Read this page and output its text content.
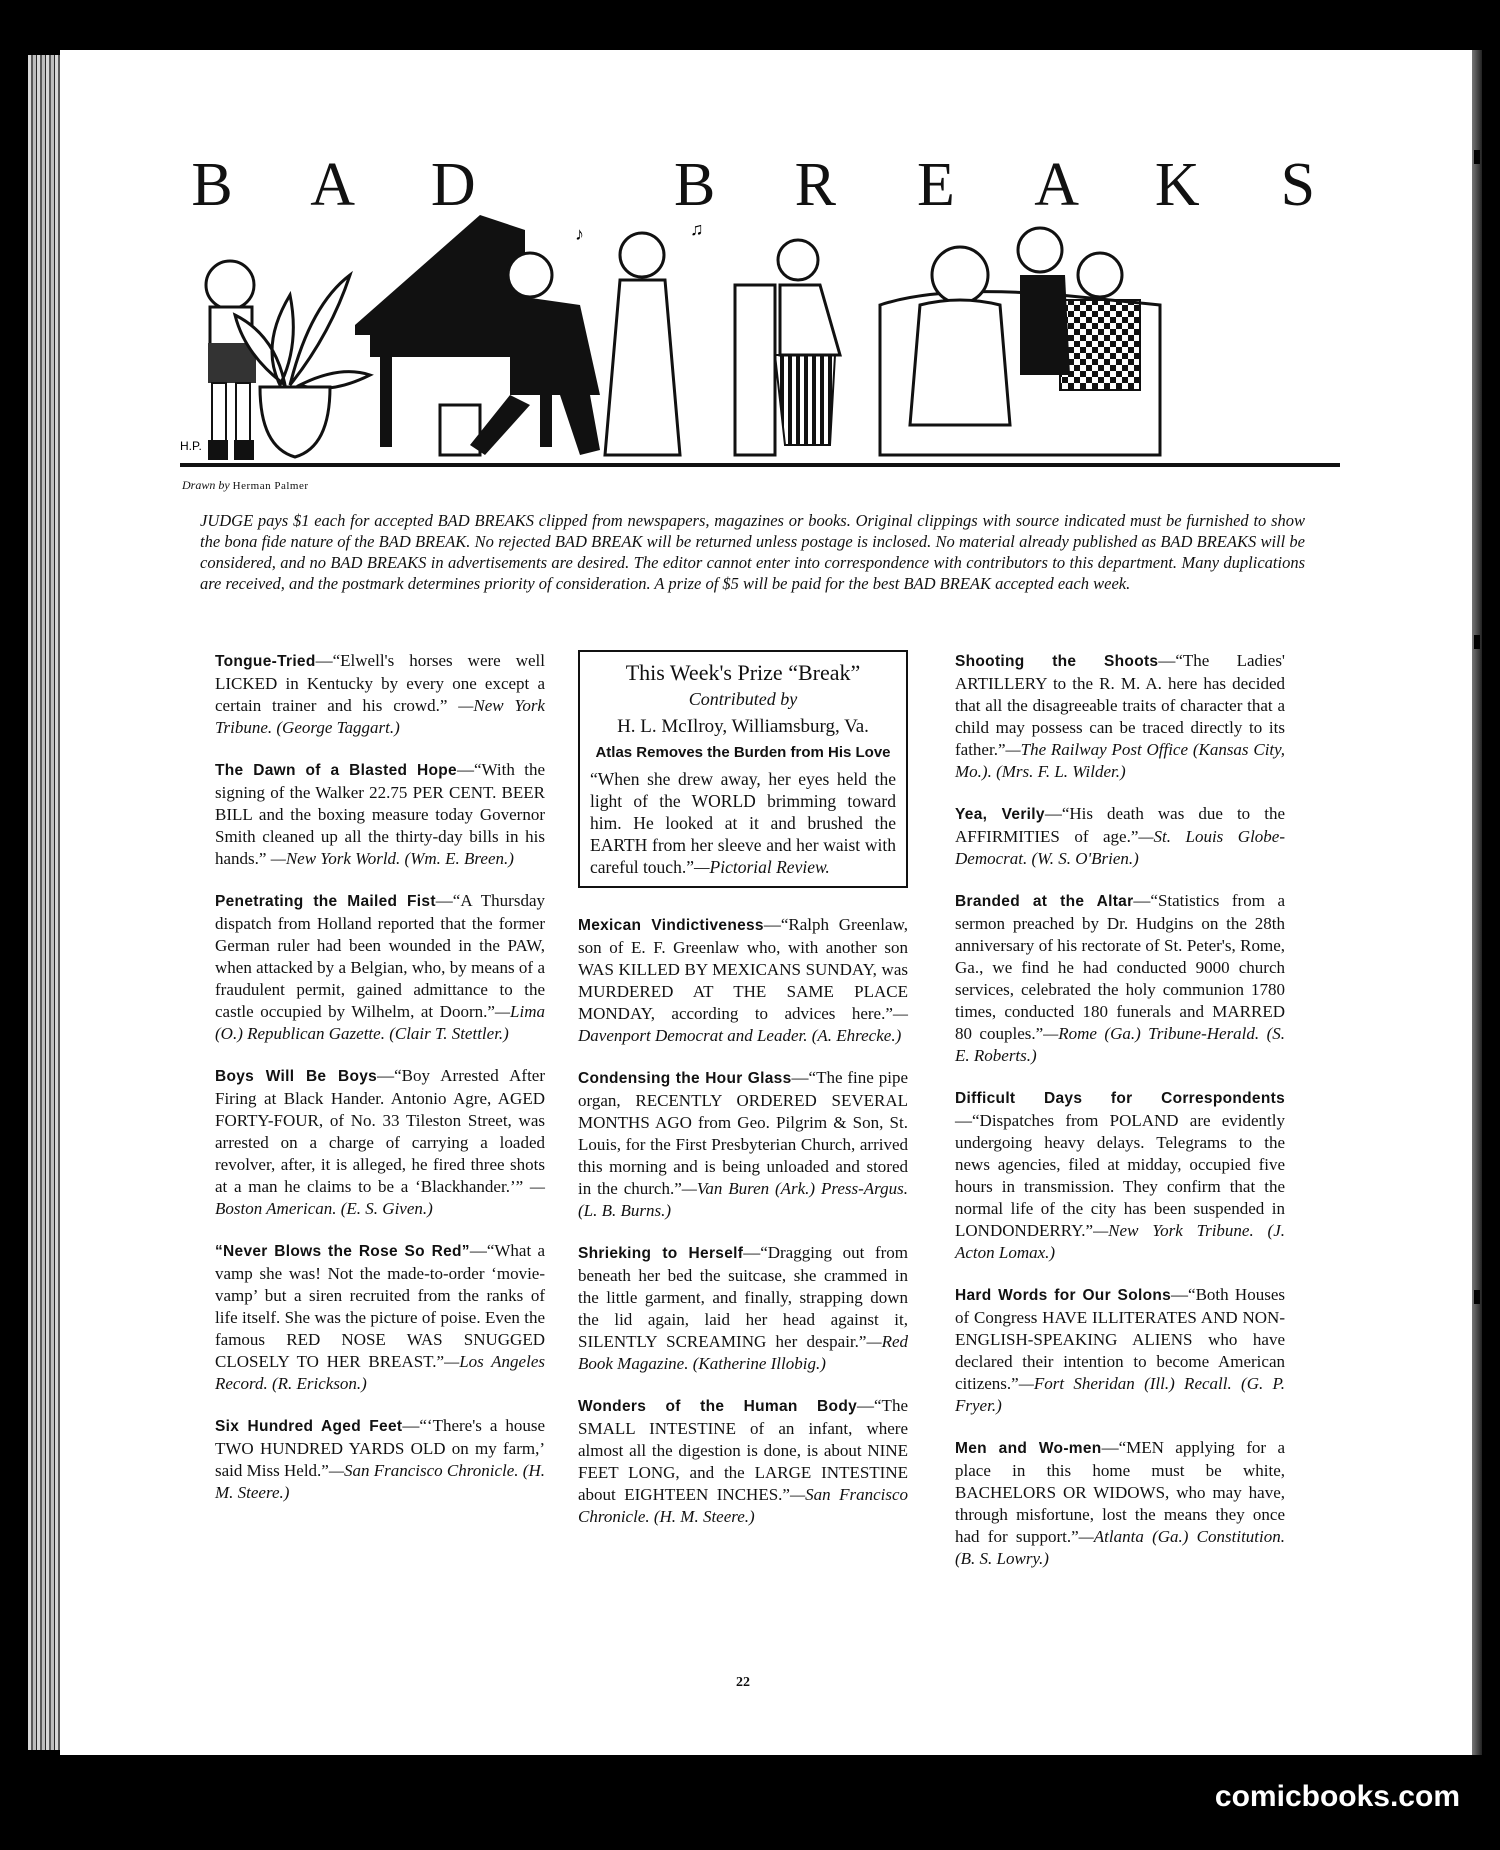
B A D	B R E A K S
♪	♫
H.P.
Drawn by Herman Palmer
JUDGE pays $1 each for accepted BAD BREAKS clipped from newspapers, magazines or books. Original clippings with source indicated must be furnished to show the bona fide nature of the BAD BREAK. No rejected BAD BREAK will be returned unless postage is inclosed. No material already published as BAD BREAKS will be considered, and no BAD BREAKS in advertisements are desired. The editor cannot enter into correspondence with contributors to this department. Many duplications are received, and the postmark determines priority of consideration. A prize of $5 will be paid for the best BAD BREAK accepted each week.

Tongue-Tried—“Elwell's horses were well LICKED in Kentucky by every one except a certain trainer and his crowd.” —New York Tribune. (George Taggart.)

The Dawn of a Blasted Hope—“With the signing of the Walker 22.75 PER CENT. BEER BILL and the boxing measure today Governor Smith cleaned up all the thirty-day bills in his hands.” —New York World. (Wm. E. Breen.)

Penetrating the Mailed Fist—“A Thursday dispatch from Holland reported that the former German ruler had been wounded in the PAW, when attacked by a Belgian, who, by means of a fraudulent permit, gained admittance to the castle occupied by Wilhelm, at Doorn.”—Lima (O.) Republican Gazette. (Clair T. Stettler.)

Boys Will Be Boys—“Boy Arrested After Firing at Black Hander. Antonio Agre, AGED FORTY-FOUR, of No. 33 Tileston Street, was arrested on a charge of carrying a loaded revolver, after, it is alleged, he fired three shots at a man he claims to be a ‘Blackhander.’” —Boston American. (E. S. Given.)

“Never Blows the Rose So Red”—“What a vamp she was! Not the made-to-order ‘movie-vamp’ but a siren recruited from the ranks of life itself. She was the picture of poise. Even the famous RED NOSE WAS SNUGGED CLOSELY TO HER BREAST.”—Los Angeles Record. (R. Erickson.)

Six Hundred Aged Feet—“‘There's a house TWO HUNDRED YARDS OLD on my farm,’ said Miss Held.”—San Francisco Chronicle. (H. M. Steere.)

This Week's Prize “Break”
Contributed by
H. L. McIlroy, Williamsburg, Va.
Atlas Removes the Burden from His Love
“When she drew away, her eyes held the light of the WORLD brimming toward him. He looked at it and brushed the EARTH from her sleeve and her waist with careful touch.”—Pictorial Review.

Mexican Vindictiveness—“Ralph Greenlaw, son of E. F. Greenlaw who, with another son WAS KILLED BY MEXICANS SUNDAY, was MURDERED AT THE SAME PLACE MONDAY, according to advices here.”—Davenport Democrat and Leader. (A. Ehrecke.)

Condensing the Hour Glass—“The fine pipe organ, RECENTLY ORDERED SEVERAL MONTHS AGO from Geo. Pilgrim & Son, St. Louis, for the First Presbyterian Church, arrived this morning and is being unloaded and stored in the church.”—Van Buren (Ark.) Press-Argus. (L. B. Burns.)

Shrieking to Herself—“Dragging out from beneath her bed the suitcase, she crammed in the little garment, and finally, strapping down the lid again, laid her head against it, SILENTLY SCREAMING her despair.”—Red Book Magazine. (Katherine Illobig.)

Wonders of the Human Body—“The SMALL INTESTINE of an infant, where almost all the digestion is done, is about NINE FEET LONG, and the LARGE INTESTINE about EIGHTEEN INCHES.”—San Francisco Chronicle. (H. M. Steere.)

Shooting the Shoots—“The Ladies' ARTILLERY to the R. M. A. here has decided that all the disagreeable traits of character that a child may possess can be traced directly to its father.”—The Railway Post Office (Kansas City, Mo.). (Mrs. F. L. Wilder.)

Yea, Verily—“His death was due to the AFFIRMITIES of age.”—St. Louis Globe-Democrat. (W. S. O'Brien.)

Branded at the Altar—“Statistics from a sermon preached by Dr. Hudgins on the 28th anniversary of his rectorate of St. Peter's, Rome, Ga., we find he had conducted 9000 church services, celebrated the holy communion 1780 times, conducted 180 funerals and MARRED 80 couples.”—Rome (Ga.) Tribune-Herald. (S. E. Roberts.)

Difficult Days for Correspondents—“Dispatches from POLAND are evidently undergoing heavy delays. Telegrams to the news agencies, filed at midday, occupied five hours in transmission. They confirm that the normal life of the city has been suspended in LONDONDERRY.”—New York Tribune. (J. Acton Lomax.)

Hard Words for Our Solons—“Both Houses of Congress HAVE ILLITERATES AND NON-ENGLISH-SPEAKING ALIENS who have declared their intention to become American citizens.”—Fort Sheridan (Ill.) Recall. (G. P. Fryer.)

Men and Wo-men—“MEN applying for a place in this home must be white, BACHELORS OR WIDOWS, who may have, through misfortune, lost the means they once had for support.”—Atlanta (Ga.) Constitution. (B. S. Lowry.)

22
comicbooks.com
